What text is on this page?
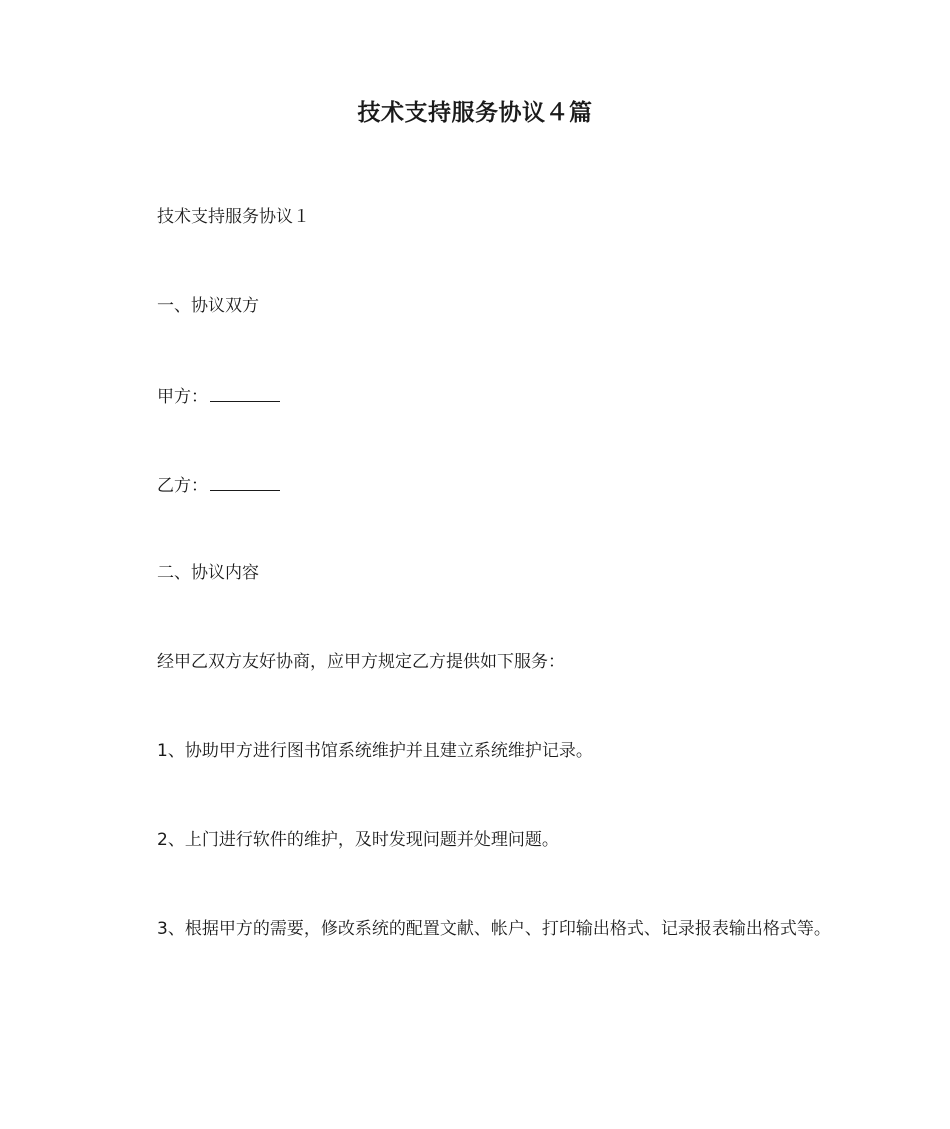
技术支持服务协议４篇
技术支持服务协议１
一、协议双方
甲方：
乙方：
二、协议内容
经甲乙双方友好协商，应甲方规定乙方提供如下服务：
1、协助甲方进行图书馆系统维护并且建立系统维护记录。
2、上门进行软件的维护，及时发现问题并处理问题。
3、根据甲方的需要，修改系统的配置文献、帐户、打印输出格式、记录报表输出格式等。
